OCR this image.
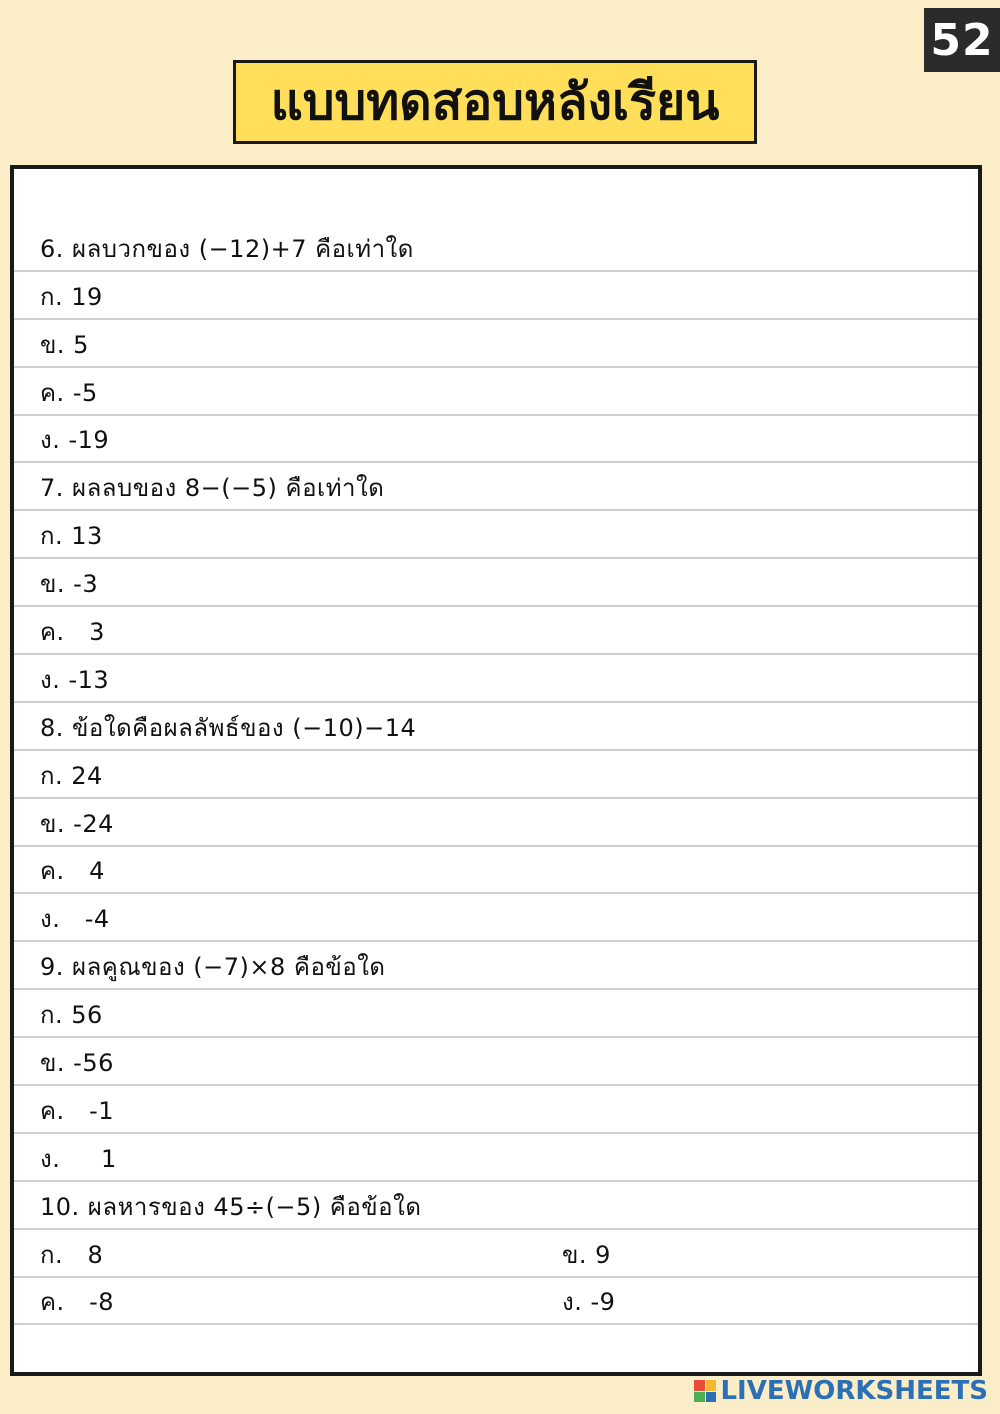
52
แบบทดสอบหลังเรียน
6. ผลบวกของ (−12)+7 คือเท่าใด
ก. 19
ข. 5
ค. -5
ง. -19
7. ผลลบของ 8−(−5) คือเท่าใด
ก. 13
ข. -3
ค.   3
ง. -13
8. ข้อใดคือผลลัพธ์ของ (−10)−14
ก. 24
ข. -24
ค.   4
ง.   -4
9. ผลคูณของ (−7)×8 คือข้อใด
ก. 56
ข. -56
ค.   -1
ง.     1
10. ผลหารของ 45÷(−5) คือข้อใด
ก.   8	ข. 9
ค.   -8	ง. -9
LIVEWORKSHEETS
